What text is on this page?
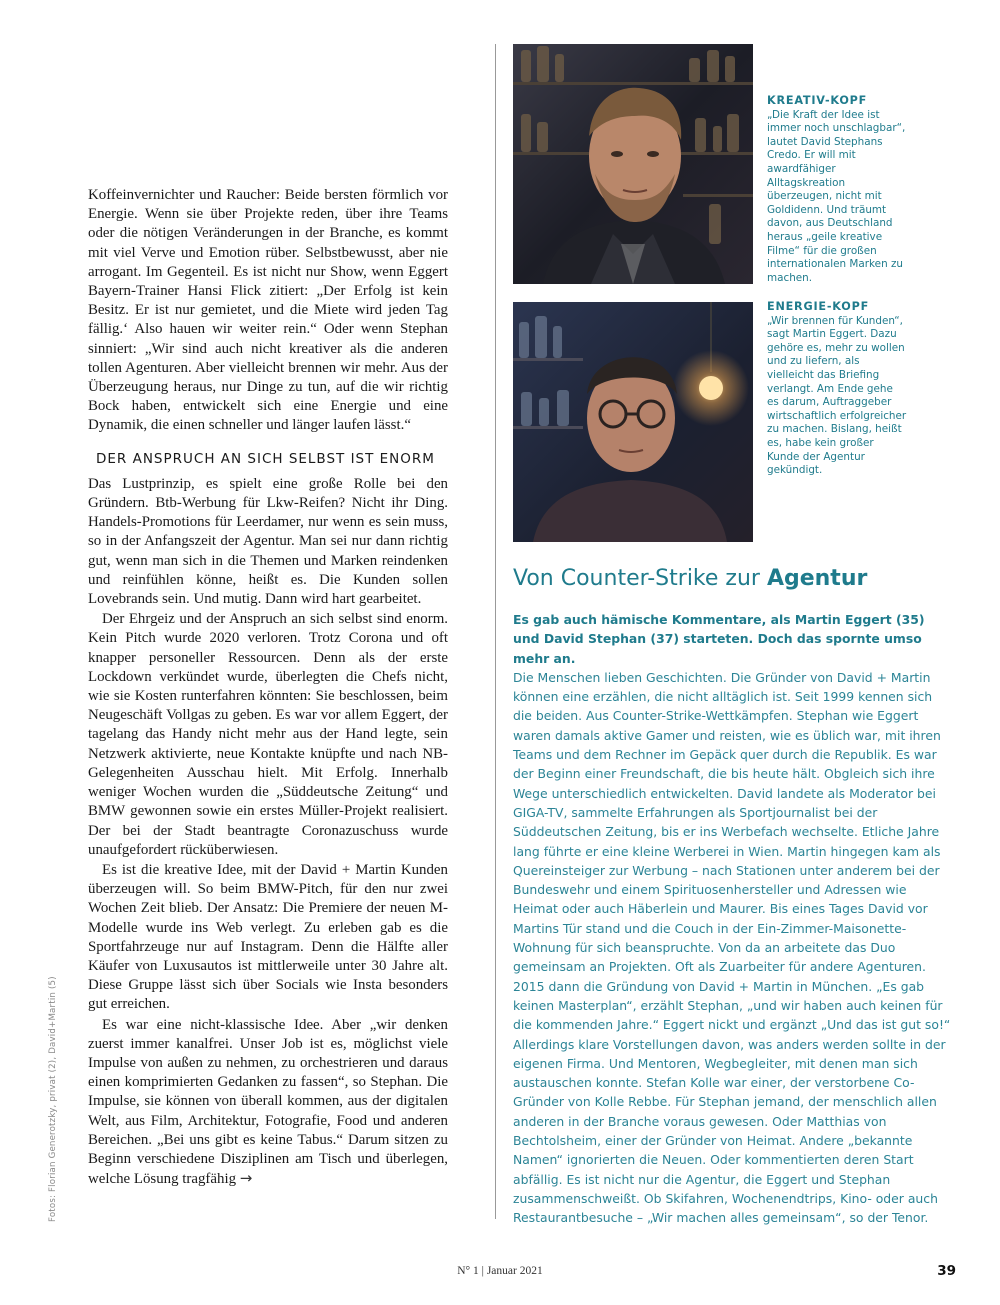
Koffeinvernichter und Raucher: Beide bersten förmlich vor Energie. Wenn sie über Projekte reden, über ihre Teams oder die nötigen Veränderungen in der Branche, es kommt mit viel Verve und Emotion rüber. Selbstbewusst, aber nie arrogant. Im Gegenteil. Es ist nicht nur Show, wenn Eggert Bayern-Trainer Hansi Flick zitiert: „Der Erfolg ist kein Besitz. Er ist nur gemietet, und die Miete wird jeden Tag fällig.‘ Also hauen wir weiter rein.“ Oder wenn Stephan sinniert: „Wir sind auch nicht kreativer als die anderen tollen Agenturen. Aber vielleicht brennen wir mehr. Aus der Überzeugung heraus, nur Dinge zu tun, auf die wir richtig Bock haben, entwickelt sich eine Energie und eine Dynamik, die einen schneller und länger laufen lässt.“

DER ANSPRUCH AN SICH SELBST IST ENORM

Das Lustprinzip, es spielt eine große Rolle bei den Gründern. Btb-Werbung für Lkw-Reifen? Nicht ihr Ding. Handels-Promotions für Leerdamer, nur wenn es sein muss, so in der Anfangszeit der Agentur. Man sei nur dann richtig gut, wenn man sich in die Themen und Marken reindenken und reinfühlen könne, heißt es. Die Kunden sollen Lovebrands sein. Und mutig. Dann wird hart gearbeitet.

Der Ehrgeiz und der Anspruch an sich selbst sind enorm. Kein Pitch wurde 2020 verloren. Trotz Corona und oft knapper personeller Ressourcen. Denn als der erste Lockdown verkündet wurde, überlegten die Chefs nicht, wie sie Kosten runterfahren könnten: Sie beschlossen, beim Neugeschäft Vollgas zu geben. Es war vor allem Eggert, der tagelang das Handy nicht mehr aus der Hand legte, sein Netzwerk aktivierte, neue Kontakte knüpfte und nach NB-Gelegenheiten Ausschau hielt. Mit Erfolg. Innerhalb weniger Wochen wurden die „Süddeutsche Zeitung“ und BMW gewonnen sowie ein erstes Müller-Projekt realisiert. Der bei der Stadt beantragte Coronazuschuss wurde unaufgefordert rücküberwiesen.

Es ist die kreative Idee, mit der David + Martin Kunden überzeugen will. So beim BMW-Pitch, für den nur zwei Wochen Zeit blieb. Der Ansatz: Die Premiere der neuen M-Modelle wurde ins Web verlegt. Zu erleben gab es die Sportfahrzeuge nur auf Instagram. Denn die Hälfte aller Käufer von Luxusautos ist mittlerweile unter 30 Jahre alt. Diese Gruppe lässt sich über Socials wie Insta besonders gut erreichen.

Es war eine nicht-klassische Idee. Aber „wir denken zuerst immer kanalfrei. Unser Job ist es, möglichst viele Impulse von außen zu nehmen, zu orchestrieren und daraus einen komprimierten Gedanken zu fassen“, so Stephan. Die Impulse, sie können von überall kommen, aus der digitalen Welt, aus Film, Architektur, Fotografie, Food und anderen Bereichen. „Bei uns gibt es keine Tabus.“ Darum sitzen zu Beginn verschiedene Disziplinen am Tisch und überlegen, welche Lösung tragfähig →

KREATIV-KOPF
„Die Kraft der Idee ist immer noch unschlagbar“, lautet David Stephans Credo. Er will mit awardfähiger Alltagskreation überzeugen, nicht mit Goldidenn. Und träumt davon, aus Deutschland heraus „geile kreative Filme“ für die großen internationalen Marken zu machen.
ENERGIE-KOPF
„Wir brennen für Kunden“, sagt Martin Eggert. Dazu gehöre es, mehr zu wollen und zu liefern, als vielleicht das Briefing verlangt. Am Ende gehe es darum, Auftraggeber wirtschaftlich erfolgreicher zu machen. Bislang, heißt es, habe kein großer Kunde der Agentur gekündigt.
Von Counter-Strike zur Agentur

Es gab auch hämische Kommentare, als Martin Eggert (35) und David Stephan (37) starteten. Doch das spornte umso mehr an.

Die Menschen lieben Geschichten. Die Gründer von David + Martin können eine erzählen, die nicht alltäglich ist. Seit 1999 kennen sich die beiden. Aus Counter-Strike-Wettkämpfen. Stephan wie Eggert waren damals aktive Gamer und reisten, wie es üblich war, mit ihren Teams und dem Rechner im Gepäck quer durch die Republik. Es war der Beginn einer Freundschaft, die bis heute hält. Obgleich sich ihre Wege unterschiedlich entwickelten. David landete als Moderator bei GIGA-TV, sammelte Erfahrungen als Sportjournalist bei der Süddeutschen Zeitung, bis er ins Werbefach wechselte. Etliche Jahre lang führte er eine kleine Werberei in Wien. Martin hingegen kam als Quereinsteiger zur Werbung – nach Stationen unter anderem bei der Bundeswehr und einem Spirituosenhersteller und Adressen wie Heimat oder auch Häberlein und Maurer. Bis eines Tages David vor Martins Tür stand und die Couch in der Ein-Zimmer-Maisonette-Wohnung für sich beanspruchte. Von da an arbeitete das Duo gemeinsam an Projekten. Oft als Zuarbeiter für andere Agenturen. 2015 dann die Gründung von David + Martin in München. „Es gab keinen Masterplan“, erzählt Stephan, „und wir haben auch keinen für die kommenden Jahre.“ Eggert nickt und ergänzt „Und das ist gut so!“ Allerdings klare Vorstellungen davon, was anders werden sollte in der eigenen Firma. Und Mentoren, Wegbegleiter, mit denen man sich austauschen konnte. Stefan Kolle war einer, der verstorbene Co-Gründer von Kolle Rebbe. Für Stephan jemand, der menschlich allen anderen in der Branche voraus gewesen. Oder Matthias von Bechtolsheim, einer der Gründer von Heimat. Andere „bekannte Namen“ ignorierten die Neuen. Oder kommentierten deren Start abfällig. Es ist nicht nur die Agentur, die Eggert und Stephan zusammenschweißt. Ob Skifahren, Wochenendtrips, Kino- oder auch Restaurantbesuche – „Wir machen alles gemeinsam“, so der Tenor.

Fotos: Florian Generotzky, privat (2), David+Martin (5)
N° 1 | Januar 2021	39
